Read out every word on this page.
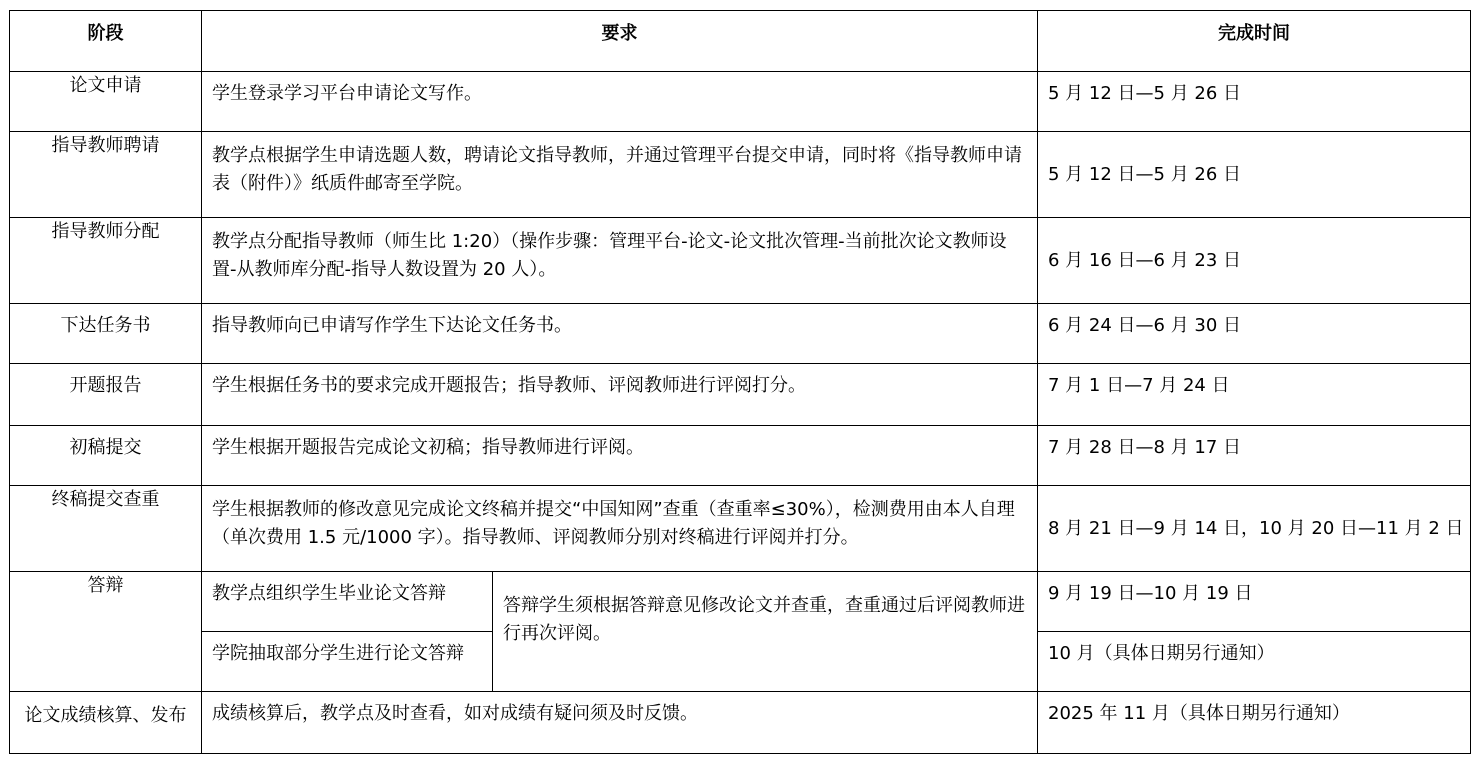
阶段	要求		完成时间
论文申请	学生登录学习平台申请论文写作。		5 月 12 日—5 月 26 日
指导教师聘请	教学点根据学生申请选题人数，聘请论文指导教师，并通过管理平台提交申请，同时将《指导教师申请表（附件）》纸质件邮寄至学院。		5 月 12 日—5 月 26 日
指导教师分配	教学点分配指导教师（师生比 1:20）（操作步骤：管理平台-论文-论文批次管理-当前批次论文教师设置-从教师库分配-指导人数设置为 20 人）。		6 月 16 日—6 月 23 日
下达任务书	指导教师向已申请写作学生下达论文任务书。		6 月 24 日—6 月 30 日
开题报告	学生根据任务书的要求完成开题报告；指导教师、评阅教师进行评阅打分。		7 月 1 日—7 月 24 日
初稿提交	学生根据开题报告完成论文初稿；指导教师进行评阅。		7 月 28 日—8 月 17 日
终稿提交查重	学生根据教师的修改意见完成论文终稿并提交“中国知网”查重（查重率≤30%），检测费用由本人自理（单次费用 1.5 元/1000 字）。指导教师、评阅教师分别对终稿进行评阅并打分。		8 月 21 日—9 月 14 日，10 月 20 日—11 月 2 日
答辩	教学点组织学生毕业论文答辩	答辩学生须根据答辩意见修改论文并查重，查重通过后评阅教师进行再次评阅。	9 月 19 日—10 月 19 日
	学院抽取部分学生进行论文答辩		10 月（具体日期另行通知）
论文成绩核算、发布	成绩核算后，教学点及时查看，如对成绩有疑问须及时反馈。		2025 年 11 月（具体日期另行通知）
